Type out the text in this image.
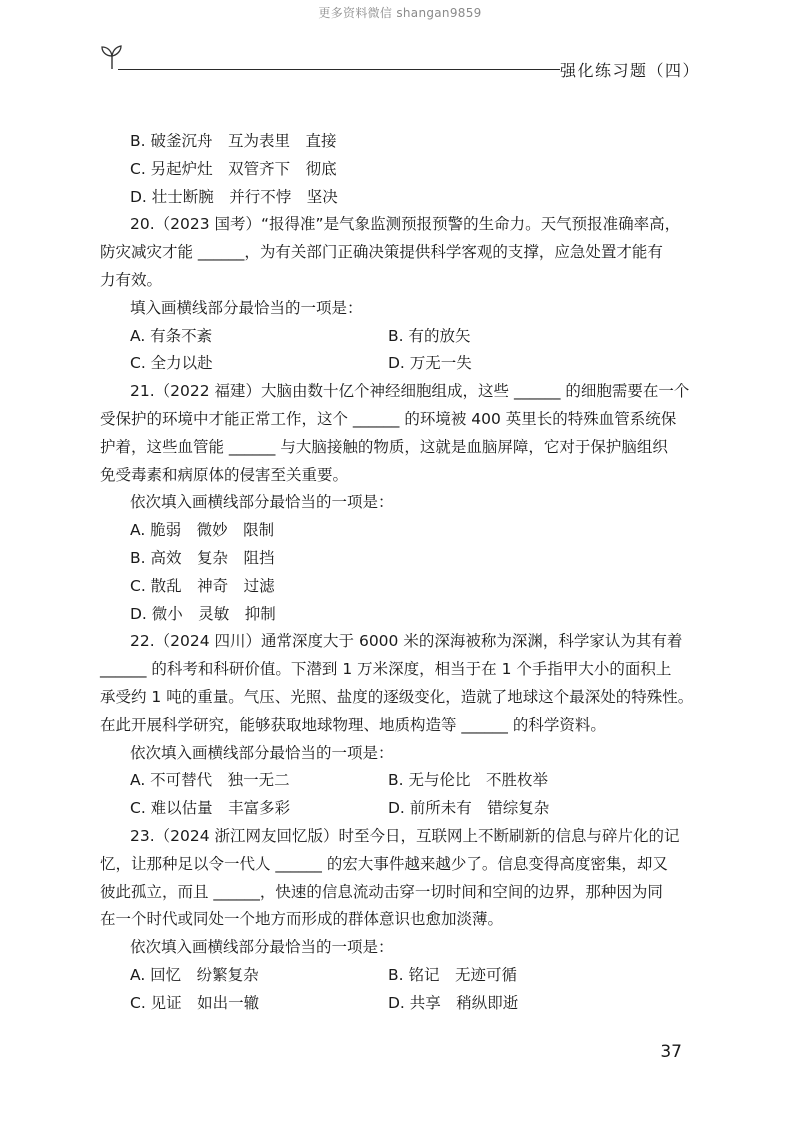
更多资料微信 shangan9859
强化练习题（四）
B. 破釜沉舟　互为表里　直接
C. 另起炉灶　双管齐下　彻底
D. 壮士断腕　并行不悖　坚决
20.（2023 国考）“报得准”是气象监测预报预警的生命力。天气预报准确率高，
防灾减灾才能 ______，为有关部门正确决策提供科学客观的支撑，应急处置才能有
力有效。
填入画横线部分最恰当的一项是：
A. 有条不紊	B. 有的放矢
C. 全力以赴	D. 万无一失
21.（2022 福建）大脑由数十亿个神经细胞组成，这些 ______ 的细胞需要在一个
受保护的环境中才能正常工作，这个 ______ 的环境被 400 英里长的特殊血管系统保
护着，这些血管能 ______ 与大脑接触的物质，这就是血脑屏障，它对于保护脑组织
免受毒素和病原体的侵害至关重要。
依次填入画横线部分最恰当的一项是：
A. 脆弱　微妙　限制
B. 高效　复杂　阻挡
C. 散乱　神奇　过滤
D. 微小　灵敏　抑制
22.（2024 四川）通常深度大于 6000 米的深海被称为深渊，科学家认为其有着
______ 的科考和科研价值。下潜到 1 万米深度，相当于在 1 个手指甲大小的面积上
承受约 1 吨的重量。气压、光照、盐度的逐级变化，造就了地球这个最深处的特殊性。
在此开展科学研究，能够获取地球物理、地质构造等 ______ 的科学资料。
依次填入画横线部分最恰当的一项是：
A. 不可替代　独一无二	B. 无与伦比　不胜枚举
C. 难以估量　丰富多彩	D. 前所未有　错综复杂
23.（2024 浙江网友回忆版）时至今日，互联网上不断刷新的信息与碎片化的记
忆，让那种足以令一代人 ______ 的宏大事件越来越少了。信息变得高度密集，却又
彼此孤立，而且 ______，快速的信息流动击穿一切时间和空间的边界，那种因为同
在一个时代或同处一个地方而形成的群体意识也愈加淡薄。
依次填入画横线部分最恰当的一项是：
A. 回忆　纷繁复杂	B. 铭记　无迹可循
C. 见证　如出一辙	D. 共享　稍纵即逝
37
